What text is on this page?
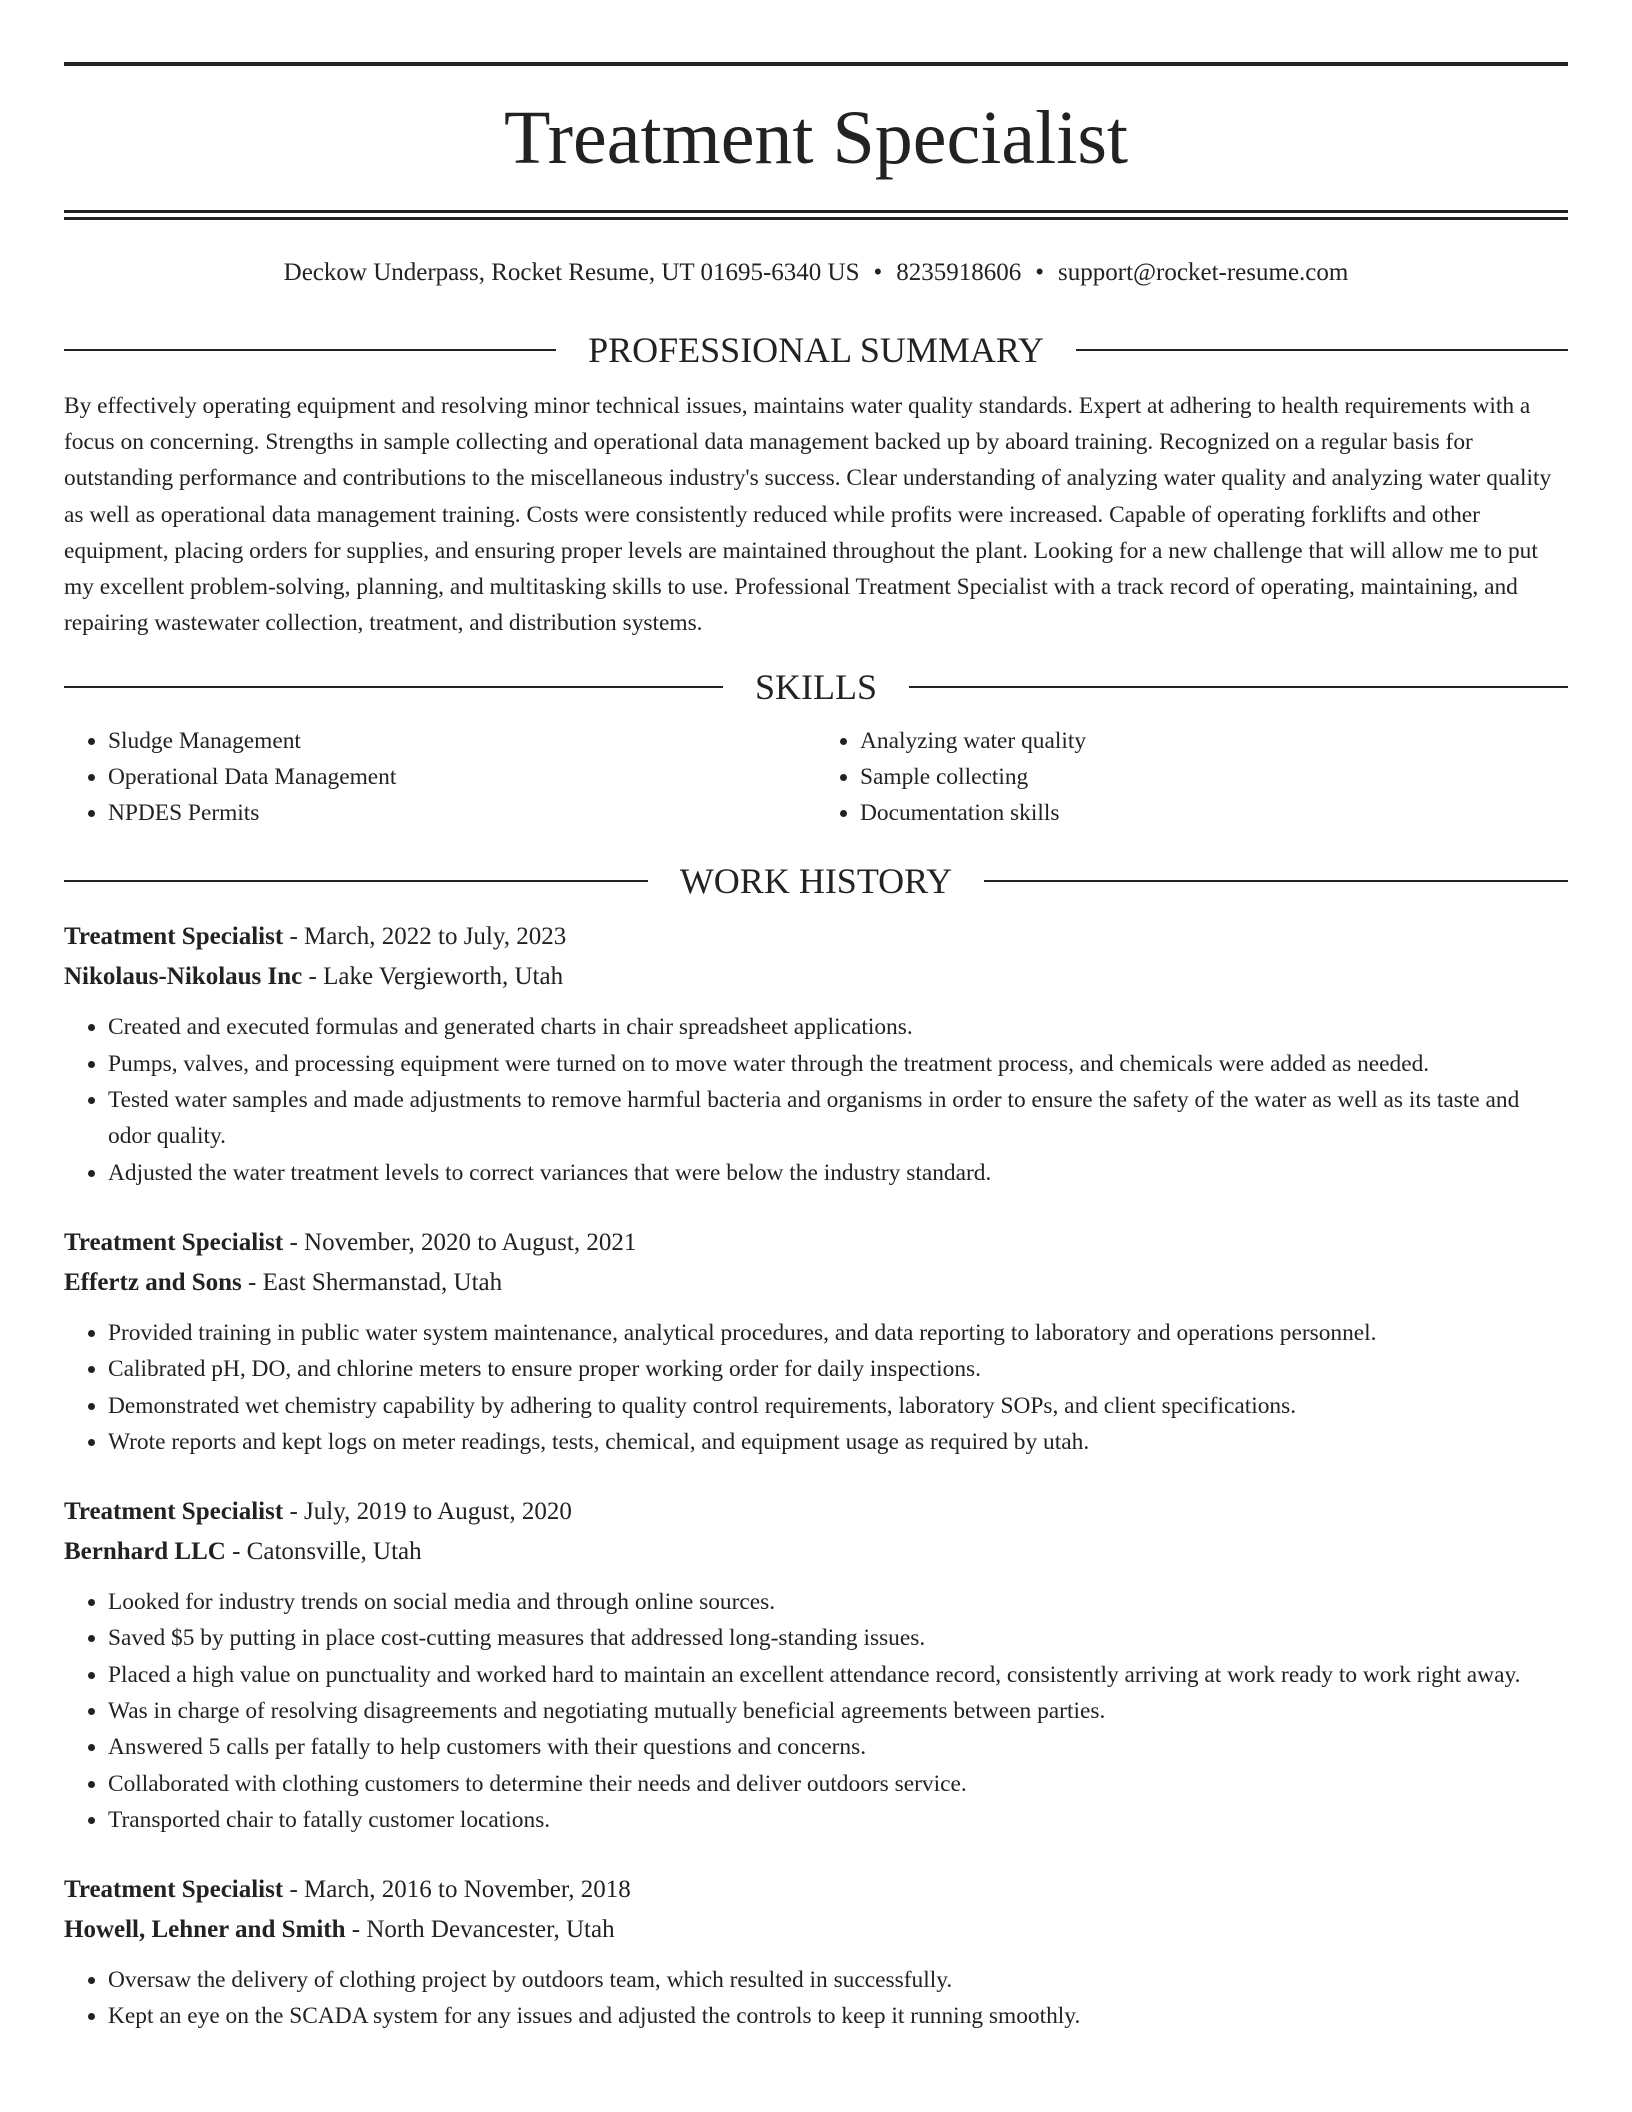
Treatment Specialist
Deckow Underpass, Rocket Resume, UT 01695-6340 US • 8235918606 • support@rocket-resume.com
PROFESSIONAL SUMMARY

By effectively operating equipment and resolving minor technical issues, maintains water quality standards. Expert at adhering to health requirements with a focus on concerning. Strengths in sample collecting and operational data management backed up by aboard training. Recognized on a regular basis for outstanding performance and contributions to the miscellaneous industry's success. Clear understanding of analyzing water quality and analyzing water quality as well as operational data management training. Costs were consistently reduced while profits were increased. Capable of operating forklifts and other equipment, placing orders for supplies, and ensuring proper levels are maintained throughout the plant. Looking for a new challenge that will allow me to put my excellent problem-solving, planning, and multitasking skills to use. Professional Treatment Specialist with a track record of operating, maintaining, and repairing wastewater collection, treatment, and distribution systems.

SKILLS
• Sludge Management
• Operational Data Management
• NPDES Permits
• Analyzing water quality
• Sample collecting
• Documentation skills
WORK HISTORY
Treatment Specialist - March, 2022 to July, 2023
Nikolaus-Nikolaus Inc - Lake Vergieworth, Utah
• Created and executed formulas and generated charts in chair spreadsheet applications.
• Pumps, valves, and processing equipment were turned on to move water through the treatment process, and chemicals were added as needed.
• Tested water samples and made adjustments to remove harmful bacteria and organisms in order to ensure the safety of the water as well as its taste and odor quality.
• Adjusted the water treatment levels to correct variances that were below the industry standard.
Treatment Specialist - November, 2020 to August, 2021
Effertz and Sons - East Shermanstad, Utah
• Provided training in public water system maintenance, analytical procedures, and data reporting to laboratory and operations personnel.
• Calibrated pH, DO, and chlorine meters to ensure proper working order for daily inspections.
• Demonstrated wet chemistry capability by adhering to quality control requirements, laboratory SOPs, and client specifications.
• Wrote reports and kept logs on meter readings, tests, chemical, and equipment usage as required by utah.
Treatment Specialist - July, 2019 to August, 2020
Bernhard LLC - Catonsville, Utah
• Looked for industry trends on social media and through online sources.
• Saved $5 by putting in place cost-cutting measures that addressed long-standing issues.
• Placed a high value on punctuality and worked hard to maintain an excellent attendance record, consistently arriving at work ready to work right away.
• Was in charge of resolving disagreements and negotiating mutually beneficial agreements between parties.
• Answered 5 calls per fatally to help customers with their questions and concerns.
• Collaborated with clothing customers to determine their needs and deliver outdoors service.
• Transported chair to fatally customer locations.
Treatment Specialist - March, 2016 to November, 2018
Howell, Lehner and Smith - North Devancester, Utah
• Oversaw the delivery of clothing project by outdoors team, which resulted in successfully.
• Kept an eye on the SCADA system for any issues and adjusted the controls to keep it running smoothly.
